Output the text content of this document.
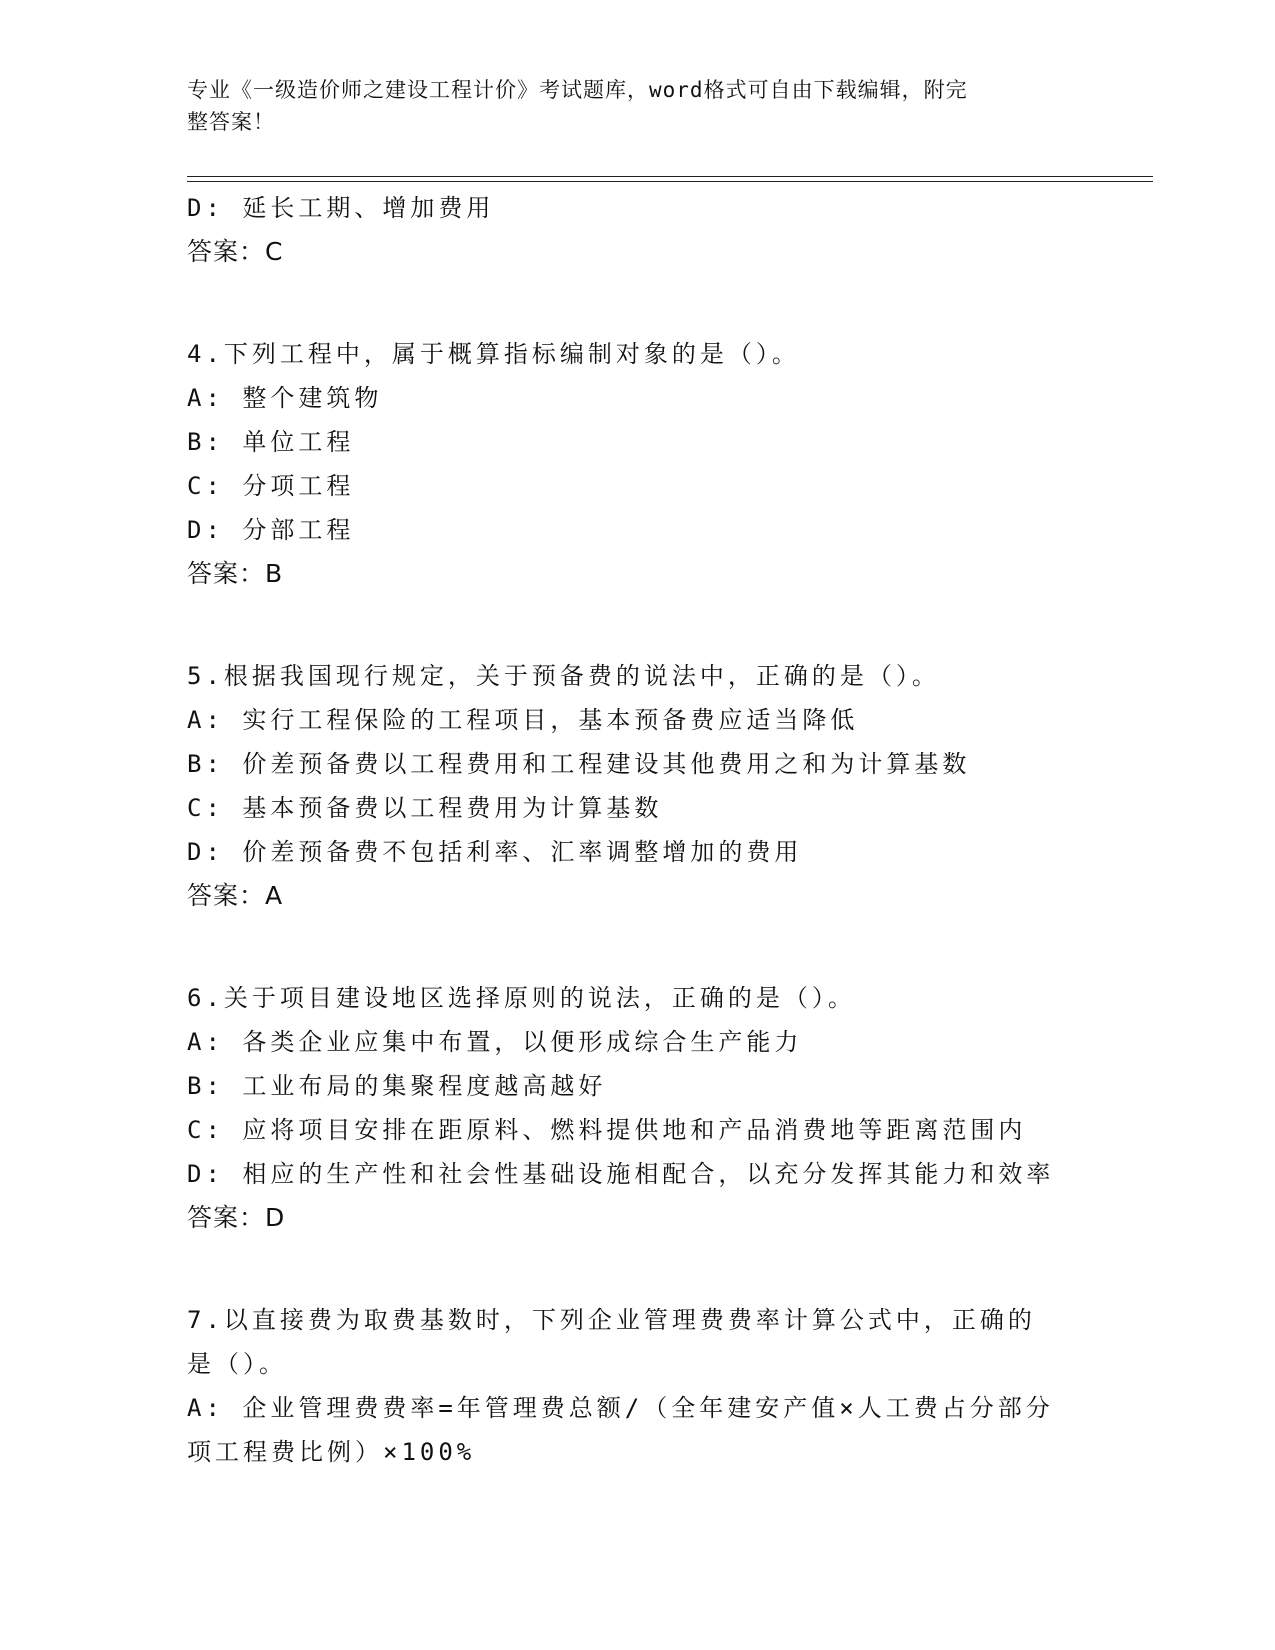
专业《一级造价师之建设工程计价》考试题库，word格式可自由下载编辑，附完
整答案！
D: 延长工期、增加费用
答案：C
4.下列工程中，属于概算指标编制对象的是（）。
A: 整个建筑物
B: 单位工程
C: 分项工程
D: 分部工程
答案：B
5.根据我国现行规定，关于预备费的说法中，正确的是（）。
A: 实行工程保险的工程项目，基本预备费应适当降低
B: 价差预备费以工程费用和工程建设其他费用之和为计算基数
C: 基本预备费以工程费用为计算基数
D: 价差预备费不包括利率、汇率调整增加的费用
答案：A
6.关于项目建设地区选择原则的说法，正确的是（）。
A: 各类企业应集中布置，以便形成综合生产能力
B: 工业布局的集聚程度越高越好
C: 应将项目安排在距原料、燃料提供地和产品消费地等距离范围内
D: 相应的生产性和社会性基础设施相配合，以充分发挥其能力和效率
答案：D
7.以直接费为取费基数时，下列企业管理费费率计算公式中，正确的
是（）。
A: 企业管理费费率=年管理费总额/（全年建安产值×人工费占分部分
项工程费比例）×100%
